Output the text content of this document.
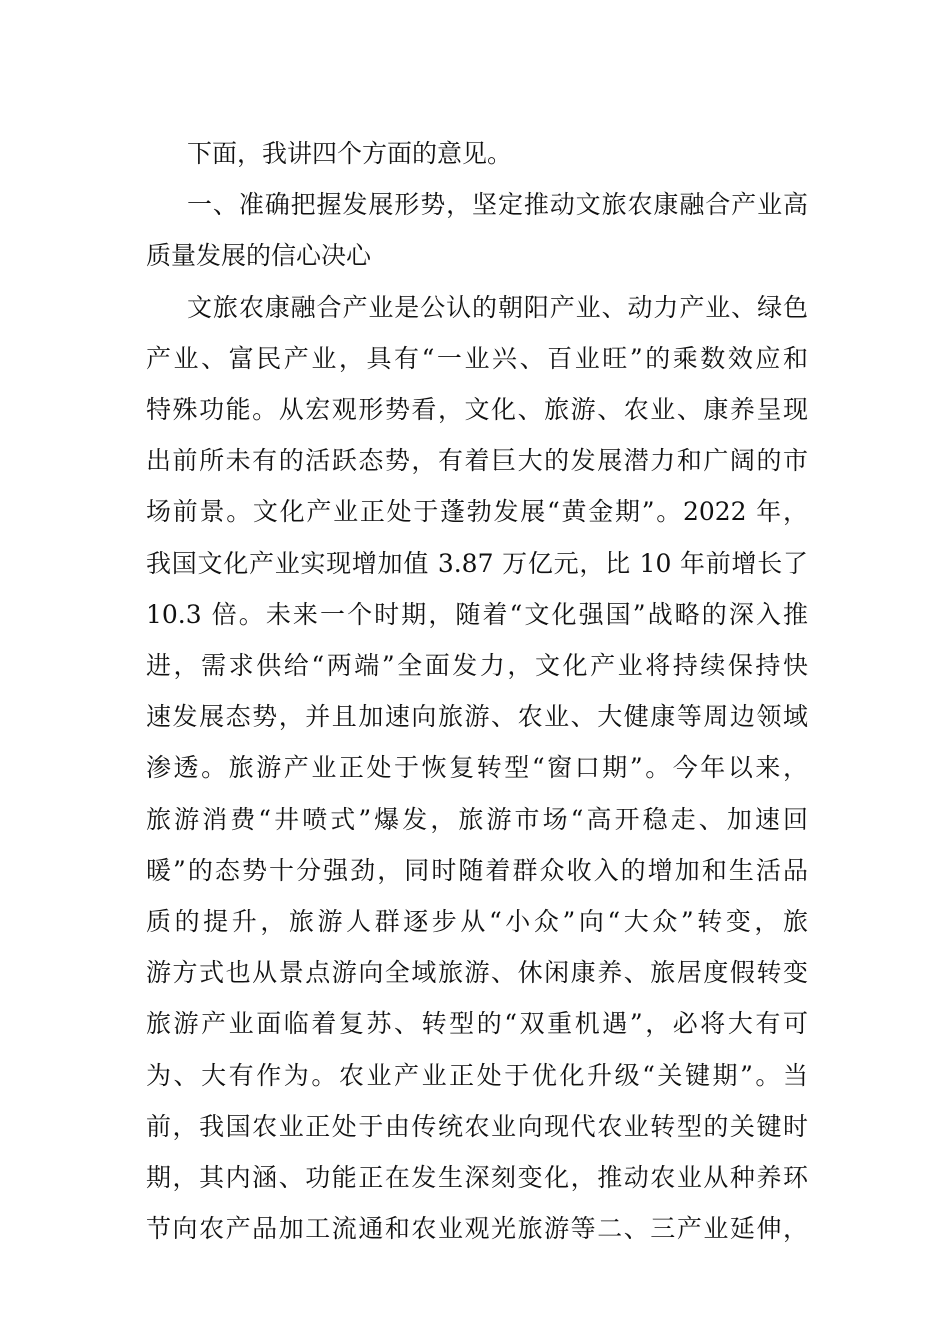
下面，我讲四个方面的意见。
一、准确把握发展形势，坚定推动文旅农康融合产业高
质量发展的信心决心
文旅农康融合产业是公认的朝阳产业、动力产业、绿色
产业、富民产业，具有“一业兴、百业旺”的乘数效应和
特殊功能。从宏观形势看，文化、旅游、农业、康养呈现
出前所未有的活跃态势，有着巨大的发展潜力和广阔的市
场前景。文化产业正处于蓬勃发展“黄金期”。2022 年，
我国文化产业实现增加值 3.87 万亿元，比 10 年前增长了
10.3 倍。未来一个时期，随着“文化强国”战略的深入推
进，需求供给“两端”全面发力，文化产业将持续保持快
速发展态势，并且加速向旅游、农业、大健康等周边领域
渗透。旅游产业正处于恢复转型“窗口期”。今年以来，
旅游消费“井喷式”爆发，旅游市场“高开稳走、加速回
暖”的态势十分强劲，同时随着群众收入的增加和生活品
质的提升，旅游人群逐步从“小众”向“大众”转变，旅
游方式也从景点游向全域旅游、休闲康养、旅居度假转变
旅游产业面临着复苏、转型的“双重机遇”，必将大有可
为、大有作为。农业产业正处于优化升级“关键期”。当
前，我国农业正处于由传统农业向现代农业转型的关键时
期，其内涵、功能正在发生深刻变化，推动农业从种养环
节向农产品加工流通和农业观光旅游等二、三产业延伸，
